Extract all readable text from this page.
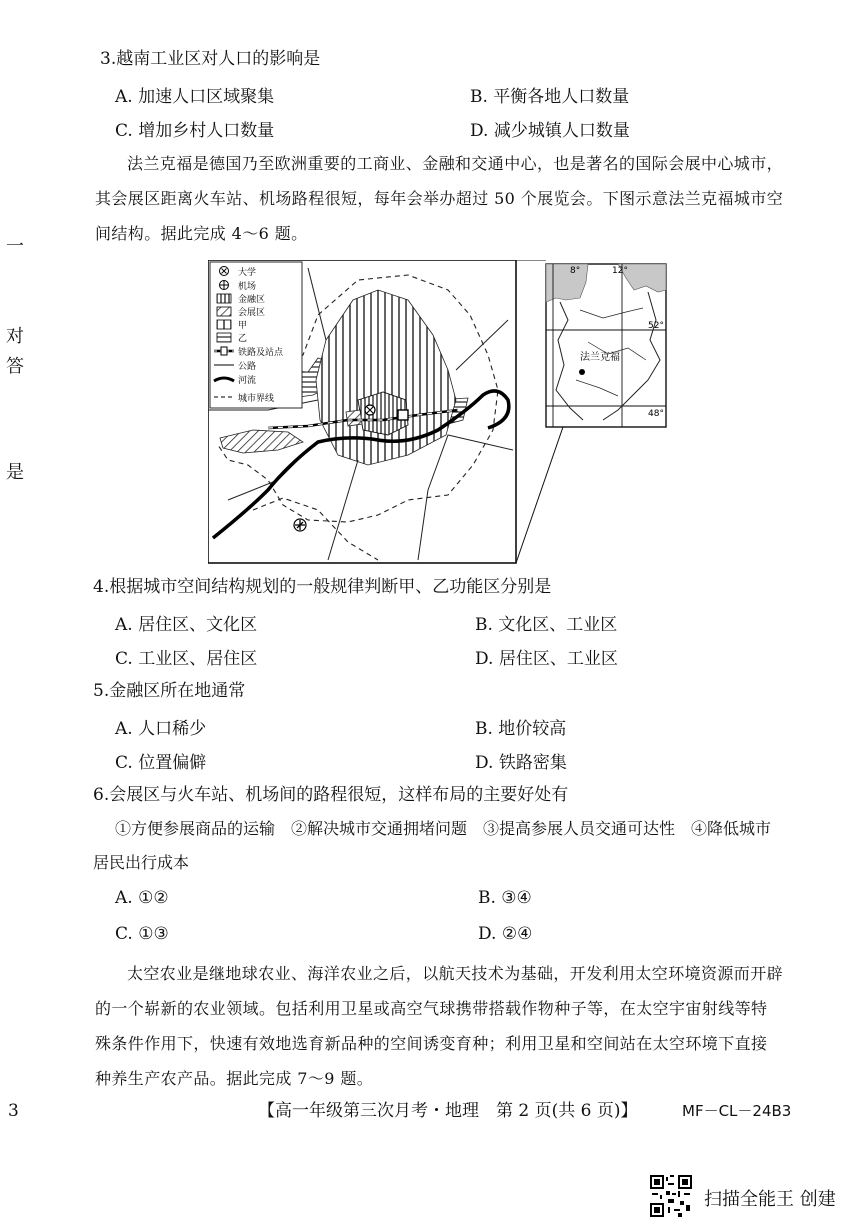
一
对
答
是
3.越南工业区对人口的影响是
A. 加速人口区域聚集	B. 平衡各地人口数量
C. 增加乡村人口数量	D. 减少城镇人口数量
法兰克福是德国乃至欧洲重要的工商业、金融和交通中心，也是著名的国际会展中心城市，
其会展区距离火车站、机场路程很短，每年会举办超过 50 个展览会。下图示意法兰克福城市空
间结构。据此完成 4～6 题。
大学
机场
金融区
会展区
甲
乙
铁路及站点
公路
河流
城市界线
法兰克福
8°	12°
52°
48°
4.根据城市空间结构规划的一般规律判断甲、乙功能区分别是
A. 居住区、文化区	B. 文化区、工业区
C. 工业区、居住区	D. 居住区、工业区
5.金融区所在地通常
A. 人口稀少	B. 地价较高
C. 位置偏僻	D. 铁路密集
6.会展区与火车站、机场间的路程很短，这样布局的主要好处有
①方便参展商品的运输　②解决城市交通拥堵问题　③提高参展人员交通可达性　④降低城市
居民出行成本
A. ①②	B. ③④
C. ①③	D. ②④
太空农业是继地球农业、海洋农业之后，以航天技术为基础，开发利用太空环境资源而开辟
的一个崭新的农业领域。包括利用卫星或高空气球携带搭载作物种子等，在太空宇宙射线等特
殊条件作用下，快速有效地选育新品种的空间诱变育种；利用卫星和空间站在太空环境下直接
种养生产农产品。据此完成 7～9 题。
3	【高一年级第三次月考・地理　第 2 页(共 6 页)】	MF－CL－24B3
扫描全能王 创建
